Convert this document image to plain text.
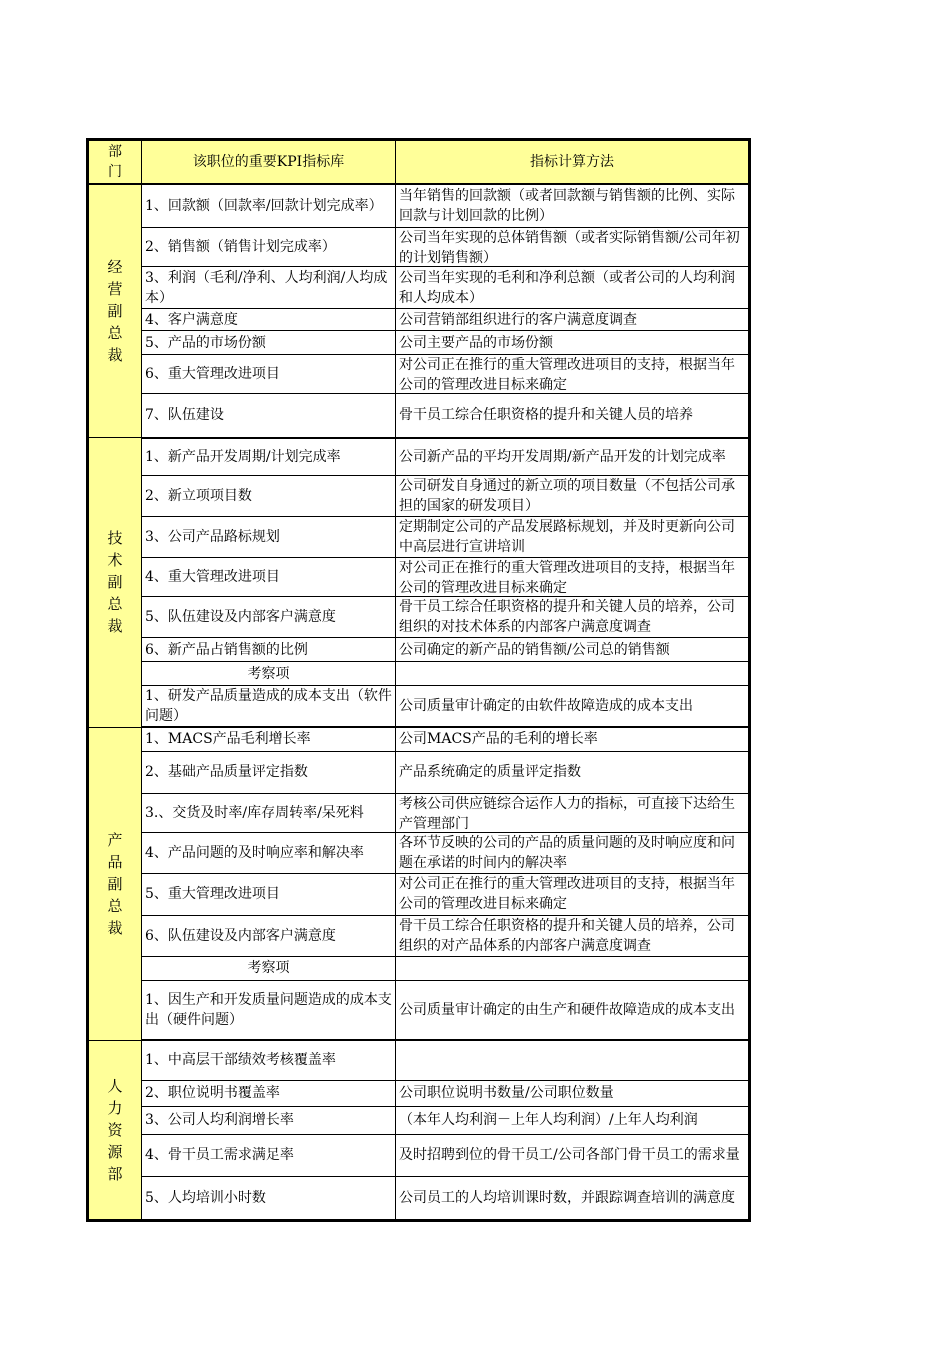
部门	该职位的重要KPI指标库	指标计算方法
经营副总裁	1、回款额（回款率/回款计划完成率）	当年销售的回款额（或者回款额与销售额的比例、实际回款与计划回款的比例）

	2、销售额（销售计划完成率）	公司当年实现的总体销售额（或者实际销售额/公司年初的计划销售额）

	3、利润（毛利/净利、人均利润/人均成本）	公司当年实现的毛利和净利总额（或者公司的人均利润和人均成本）

	4、客户满意度	公司营销部组织进行的客户满意度调查

	5、产品的市场份额	公司主要产品的市场份额

	6、重大管理改进项目	对公司正在推行的重大管理改进项目的支持，根据当年公司的管理改进目标来确定

	7、队伍建设	骨干员工综合任职资格的提升和关键人员的培养

技术副总裁	1、新产品开发周期/计划完成率	公司新产品的平均开发周期/新产品开发的计划完成率

	2、新立项项目数	公司研发自身通过的新立项的项目数量（不包括公司承担的国家的研发项目）

	3、公司产品路标规划	定期制定公司的产品发展路标规划，并及时更新向公司中高层进行宣讲培训

	4、重大管理改进项目	对公司正在推行的重大管理改进项目的支持，根据当年公司的管理改进目标来确定

	5、队伍建设及内部客户满意度	骨干员工综合任职资格的提升和关键人员的培养，公司组织的对技术体系的内部客户满意度调查

	6、新产品占销售额的比例	公司确定的新产品的销售额/公司总的销售额

	考察项	

	1、研发产品质量造成的成本支出（软件问题）	公司质量审计确定的由软件故障造成的成本支出

产品副总裁	1、MACS产品毛利增长率	公司MACS产品的毛利的增长率

	2、基础产品质量评定指数	产品系统确定的质量评定指数

	3.、交货及时率/库存周转率/呆死料	考核公司供应链综合运作人力的指标，可直接下达给生产管理部门

	4、产品问题的及时响应率和解决率	各环节反映的公司的产品的质量问题的及时响应度和问题在承诺的时间内的解决率

	5、重大管理改进项目	对公司正在推行的重大管理改进项目的支持，根据当年公司的管理改进目标来确定

	6、队伍建设及内部客户满意度	骨干员工综合任职资格的提升和关键人员的培养，公司组织的对产品体系的内部客户满意度调查

	考察项	

	1、因生产和开发质量问题造成的成本支出（硬件问题）	公司质量审计确定的由生产和硬件故障造成的成本支出

人力资源部	1、中高层干部绩效考核覆盖率	

	2、职位说明书覆盖率	公司职位说明书数量/公司职位数量

	3、公司人均利润增长率	（本年人均利润－上年人均利润）/上年人均利润

	4、骨干员工需求满足率	及时招聘到位的骨干员工/公司各部门骨干员工的需求量

	5、人均培训小时数	公司员工的人均培训课时数，并跟踪调查培训的满意度
